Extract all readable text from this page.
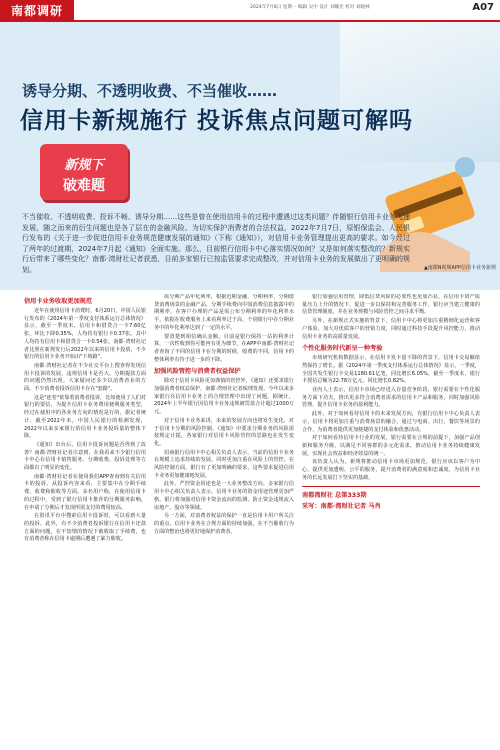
南都调研	2024年7月8日 星期一 编辑 吴中 设计 刘曦光 校对 刘晓林	A07
诱导分期、不透明收费、不当催收……
信用卡新规施行 投诉焦点问题可解吗
新规下
破难题
不当催收、不透明收费、投诉不畅、诱导分期……这些是曾在使用信用卡的过程中遭遇过这类问题？伴随银行信用卡业务飞速发展，随之而来的衍生问题也是各了层在的金融风险。为切实保护消费者的合法权益，2022年7月7日，原银保监会、人民银行发布的《关于进一步促进信用卡业务规范健康发展的通知》（下称《通知》），对信用卡业务管理提出更高的要求。如今经过了两年的过渡期，2024年7月起《通知》全面实施。那么，目前银行信用卡中心落实情况如何？又是如何落实整改的？新规实行后带来了哪些变化？南都·湾财社记者获悉，目前多家银行已按监管要求完成整改，并对信用卡业务的发展做出了更明确的规划。	▲南都N视频APP信用卡业务新规
信用卡业务收取更加规范

近年在使用信用卡消费时，6月20日，中国人民银行发布的《2024年第一季度支付体系运行总体情况》显示，截至一季度末，信用卡和借贷合一卡7.60亿张，环比下降0.35%，人均持有银行卡0.37张。其中人均持有信用卡和借贷合一卡0.54张。南都·湾财社记者比照在新规发行后2022年以来的信用卡投放，不少银行的信用卡业务开始由"下坡路"。

南都·湾财社记者在不少社交平台上搜查得发现信用卡投诉的发展，违规信用卡是否大、分期提款方面的问题仍然出现。大家疑问还多少以消费者业的方面，不少消费者投诉信用卡存在"套路"。

这是"连卷"依靠着消费者投诉，比如使用了人们对银行的要信，为提升信用卡业务费用便利服务类型，经过在使用中的各业务方向的情况是行的，据记者统计，截至2022年末，中国人民银行的检测发现，2022年以来多家银行的信用卡业务投诉量的整体下降。

《通知》出台后，信用卡投诉问题是否得到了改善？南都·湾财社记者注意到，在我看来不少银行信用卡中心在信用卡销售服务、分期收费、投诉处理等方面都有了明显的变化。

南都·湾财社记者在使用我们APP查询到有关信用卡的投诉，从投诉内容来看，主要集中在分期手续费、收费和催收等方面。多名用户称，在使用信用卡的过程中，受到了银行信用卡推荐的分期服务影响，在申请了分期后才发现所需支付的费用较高。

在资讯平台中搜索信用卡投诉时，可以看到大量的投诉。此外，有不少消费者投诉银行在信用卡还款方面的问题，在不知情的情况下被收取了手续费，也有消费者称在信用卡逾期后遭遇了暴力催收。

需分期产品年化利率，根据近期金融，分期利率，分期借贷消费场景的金融产品，分期手续费向中国消费信息披露中的期利率，在客户办理的产品是需公布分期利率的年化利率水平，依据在收费服务上来看利率过于高，个别银行中在分期业务中的年化利率达到了一定的水平。

要清楚到相信确认金额，目前是银行保持一站的利率计算，一次性收到你可能再有更为细节，在APP中南都·湾财社记者查询了不同的信用卡在分期的时候，收费的不同，信用卡的整体利率有待于进一步的下降。

加强风险管控与消费者权益保护

除对于信用卡风险更加谨慎的管控外，《通知》还要求银行加强消费者权益保护，南都·湾财社记者梳理发现，今年以来多家银行在信用卡业务上的合规管理中出现了问题，据统计，2024年上半年银行因信用卡业务违规被罚款合计超过1000万元。

对于信用卡业务来讲，未来的发展方向也将发生变化，对于信用卡分期的风险控制，《通知》中要求分期业务的风险需按规定计提，各家银行对信用卡风险管控的思路也在发生变化。

招商银行信用卡中心相关负责人表示，当前的信用卡业务在规模上追求持续的发展，同时更加注重在风险上的管控，在风险控制方面，银行有了更加明确的要求，这些要求促进信用卡业务更加健康地发展。

此外，严控资金用途也是一大业务整改方向。多家银行信用卡中心相关负责人表示，信用卡业务的资金用途管理更加严格，银行将加强对信用卡资金流向的监测，防止资金违规流入房地产、股市等领域。

另一方面，对消费者权益的保护一直是信用卡用户所关注的重点。信用卡业务在合规方面的持续加强，在不当催收行为方面的整治也将更好地保护消费者。

银行加强信用管理，降低信贷风险的必要性也更加凸显。在信用卡资产质量压力上升的情况下，促进一步以保持和完善服务工作，银行应当建立健康的信贷管理制度，并在业务规模与风险管控之间寻求平衡。

另外，在新规正式实施的背景下，信用卡中心将更加注重精细化运营和客户体验，加大对优质客户的营销力度，同时通过科技手段提升风控能力，推动信用卡业务的高质量发展。

个性化服务时代新呈一种考验

市场研究机构数据显示，在信用卡发卡量下降的背景下，信用卡交易额依然保持了增长。据《2024年第一季度支付体系运行总体情况》显示，一季度，全国共发生银行卡交易1180.61亿笔，同比增长6.05%，截至一季度末，银行卡授信总额为22.78万亿元，同比增长0.82%。

业内人士表示，信用卡市场已经进入存量竞争阶段，银行需要在个性化服务方面下功夫，推出更多符合消费者需求的信用卡产品和服务，同时加强风险管理，提升信用卡业务的盈利能力。

此外，对于如何看待信用卡的未来发展方向，有银行信用卡中心负责人表示，信用卡将更加注重与消费场景的融合，通过与电商、出行、餐饮等场景的合作，为消费者提供更加便捷的支付体验和优惠活动。

对于如何看待信用卡行业的发展，银行需要在合规的前提下，加强产品创新和服务升级，以满足不同客群的多元化需求，推动信用卡业务持续健康发展，实现社会效益和经济效益的统一。

该负责人认为，新规将推动信用卡市场更加规范，银行应该以客户为中心，提供更加透明、公平的服务，提升消费者的满意度和忠诚度，为信用卡业务的长远发展打下坚实的基础。

南都湾财社 总第333期
采写：南都·湾财社记者 马肖
